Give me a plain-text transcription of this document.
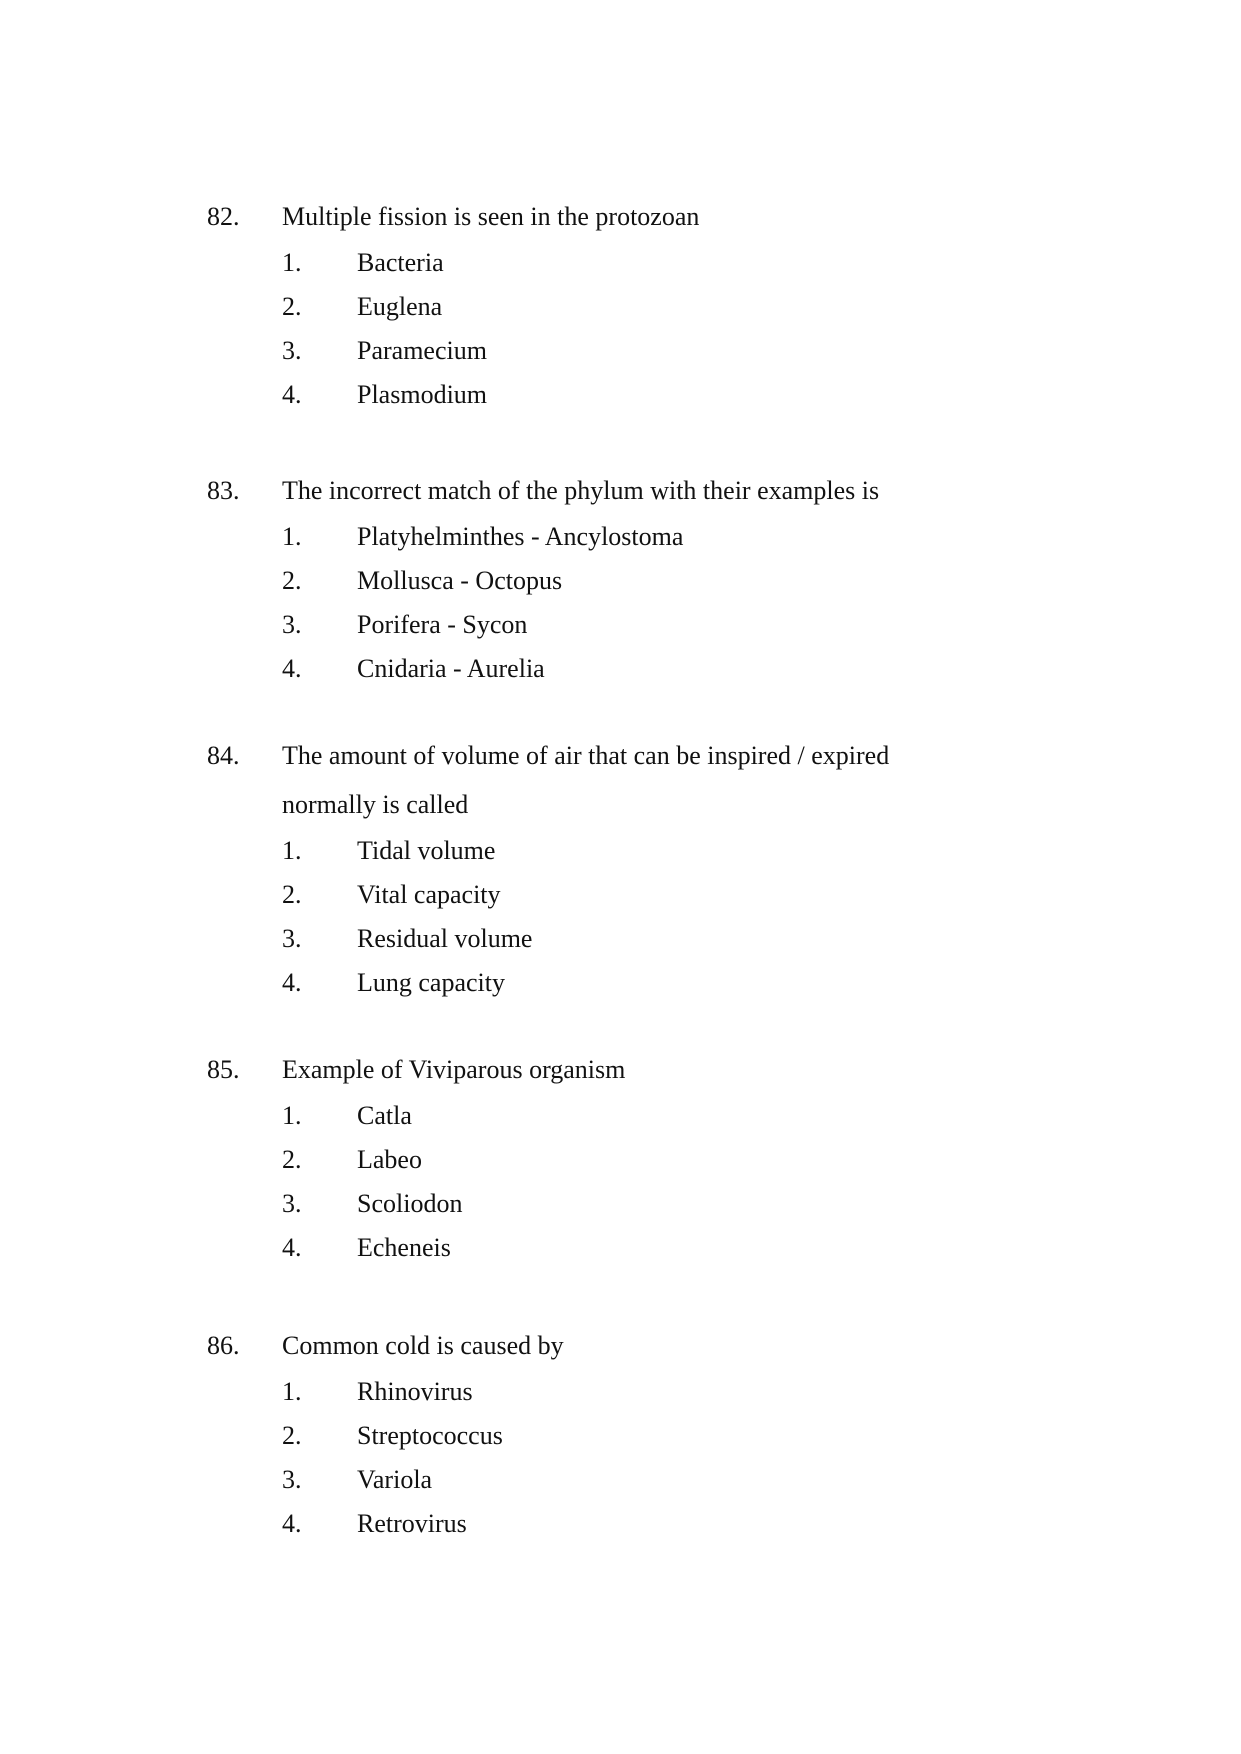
82. Multiple fission is seen in the protozoan
1. Bacteria
2. Euglena
3. Paramecium
4. Plasmodium
83. The incorrect match of the phylum with their examples is
1. Platyhelminthes - Ancylostoma
2. Mollusca - Octopus
3. Porifera - Sycon
4. Cnidaria - Aurelia
84. The amount of volume of air that can be inspired / expired
normally is called
1. Tidal volume
2. Vital capacity
3. Residual volume
4. Lung capacity
85. Example of Viviparous organism
1. Catla
2. Labeo
3. Scoliodon
4. Echeneis
86. Common cold is caused by
1. Rhinovirus
2. Streptococcus
3. Variola
4. Retrovirus
